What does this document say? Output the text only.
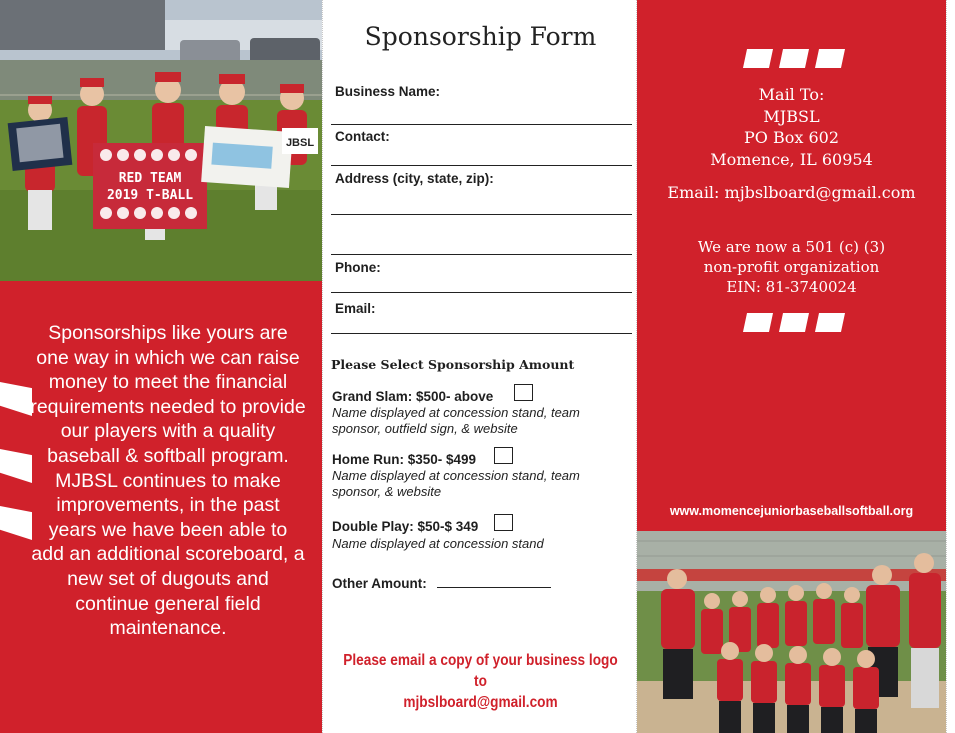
RED TEAM
2019 T-BALL
JBSL
Sponsorships like yours are one way in which we can raise money to meet the financial requirements needed to provide our players with a quality baseball & softball program. MJBSL continues to make improvements, in the past years we have been able to add an additional scoreboard, a new set of dugouts and continue general field maintenance.
Sponsorship Form
Business Name:
Contact:
Address (city, state, zip):
Phone:
Email:
Please Select Sponsorship Amount
Grand Slam: $500- above
Name displayed at concession stand, team sponsor, outfield sign, & website
Home Run: $350- $499
Name displayed at concession stand, team sponsor, & website
Double Play: $50-$ 349
Name displayed at concession stand
Other Amount:
Please email a copy of your business logo to
mjbslboard@gmail.com
Mail To:
MJBSL
PO Box 602
Momence, IL 60954
Email: mjbslboard@gmail.com
We are now a 501 (c) (3)
non-profit organization
EIN: 81-3740024
www.momencejuniorbaseballsoftball.org
